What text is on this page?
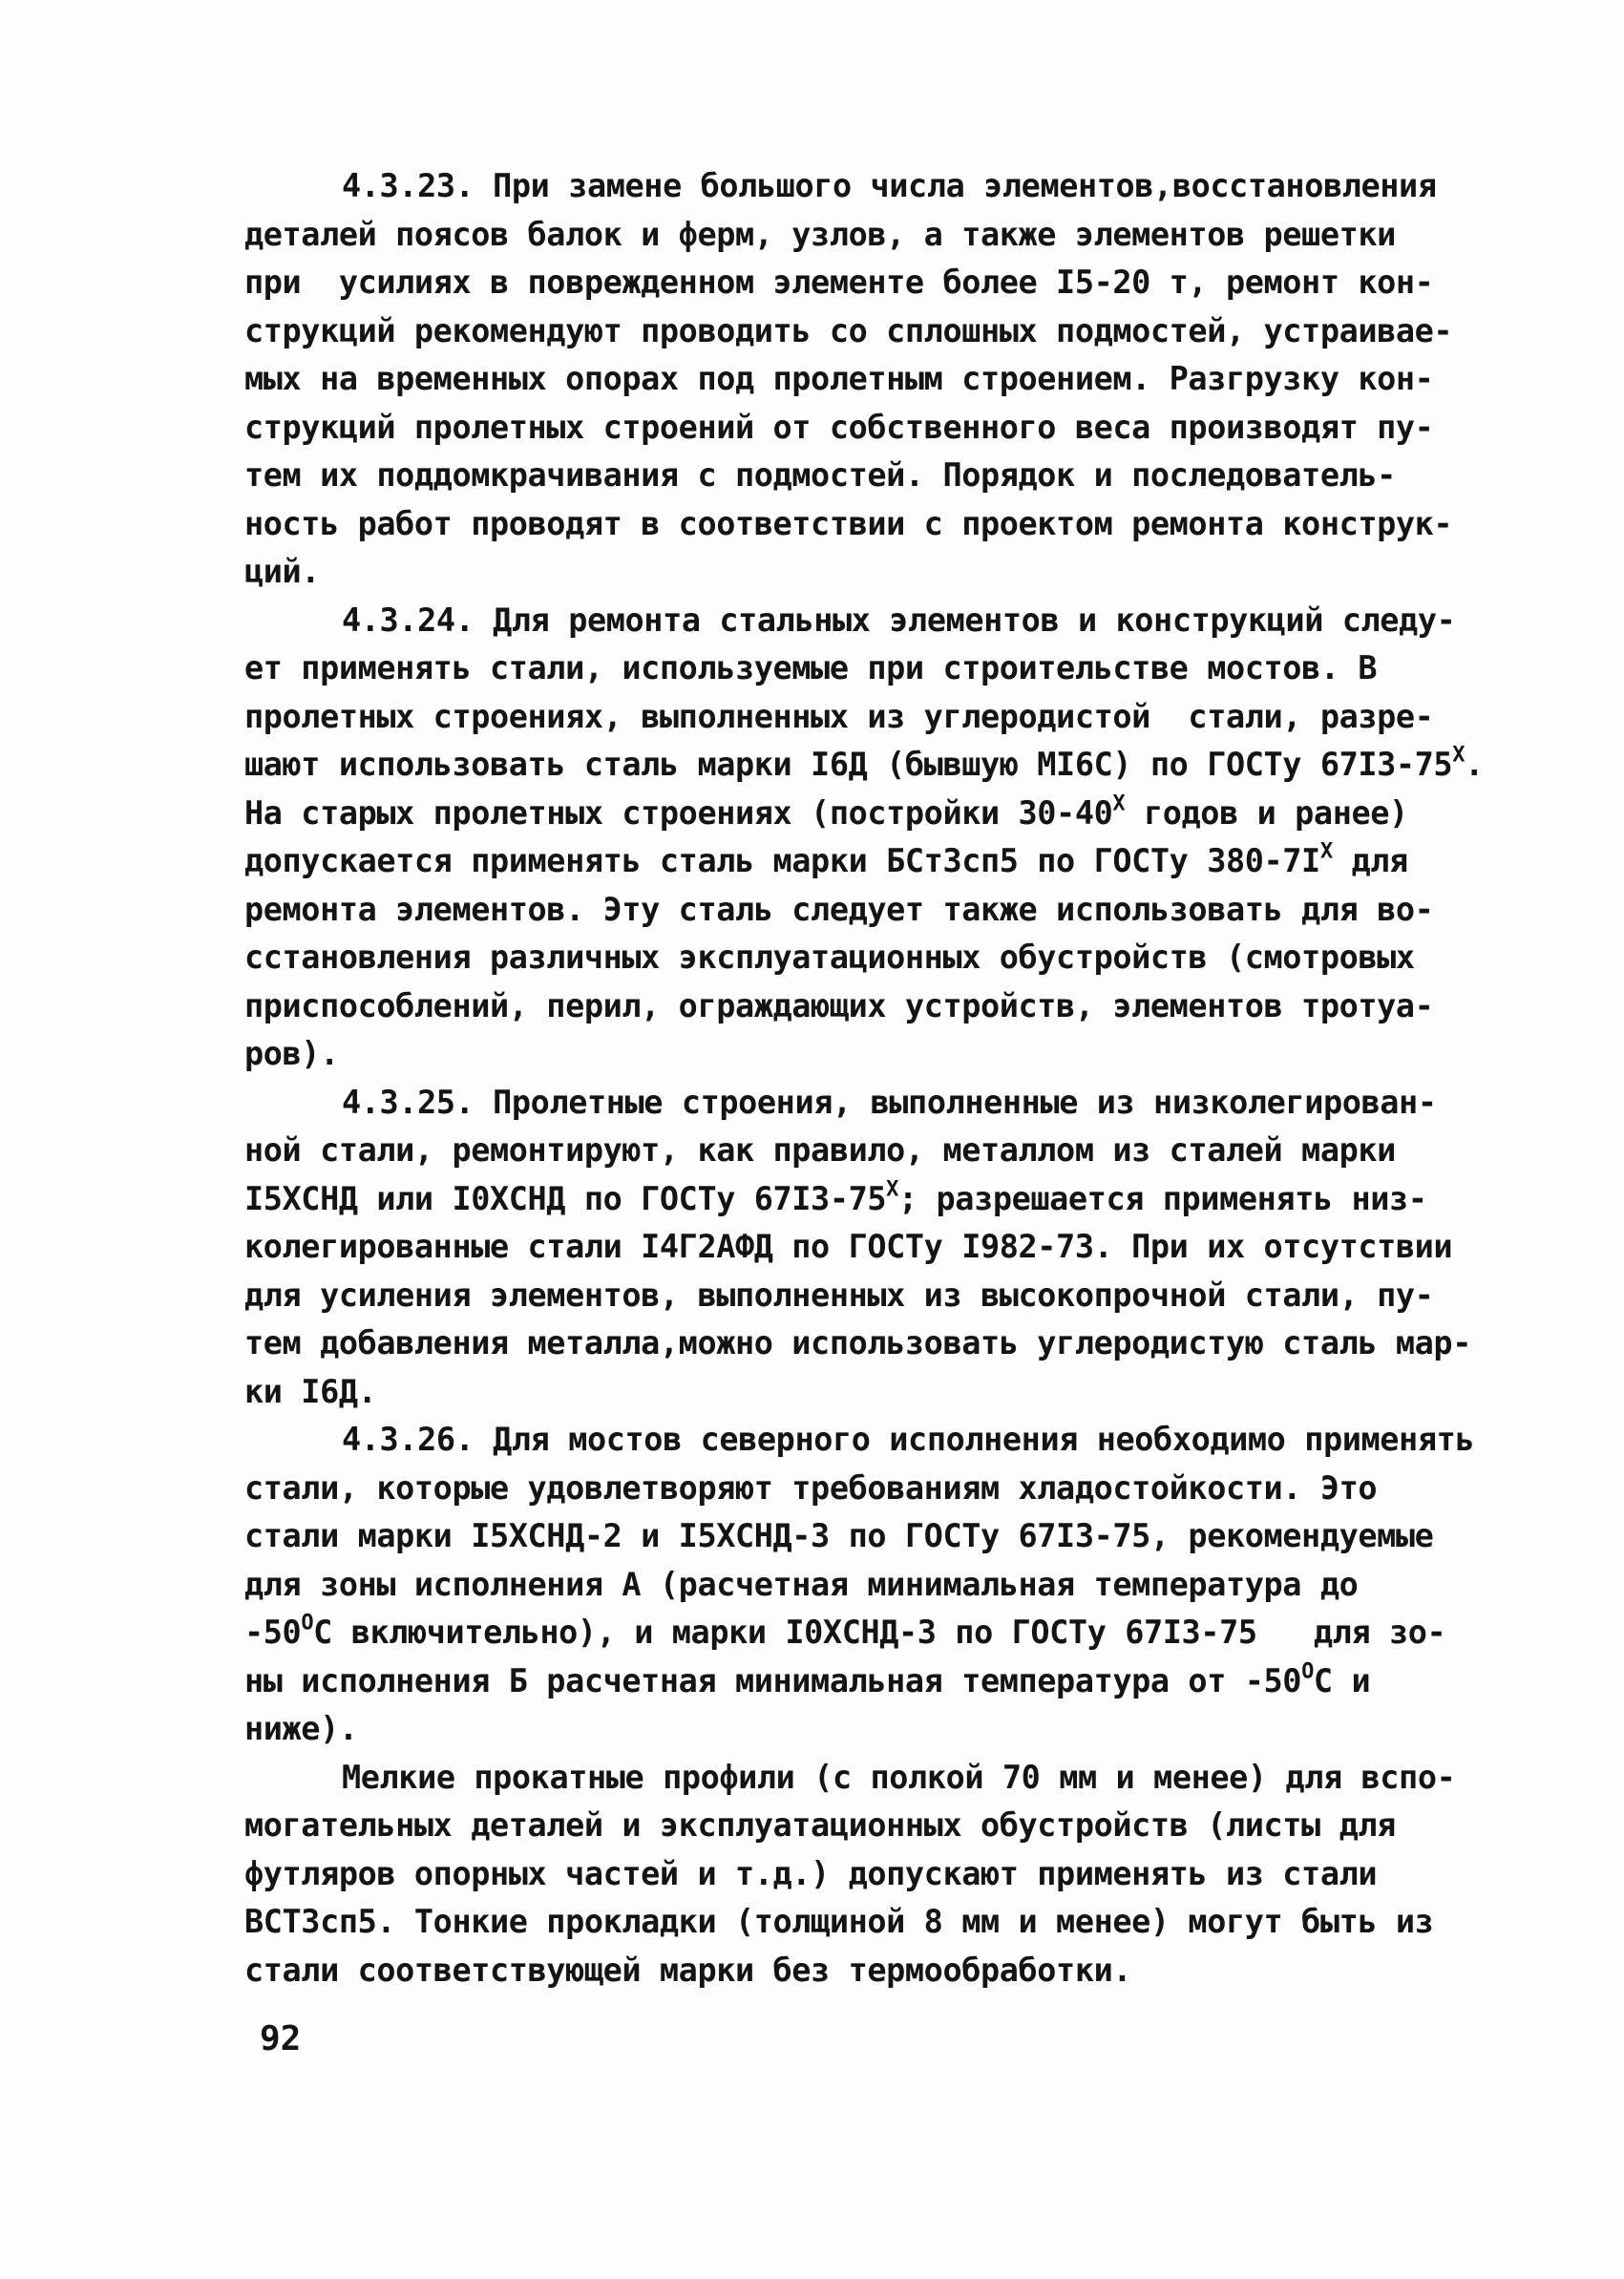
4.3.23. При замене большого числа элементов,восстановления
деталей поясов балок и ферм, узлов, а также элементов решетки
при  усилиях в поврежденном элементе более I5-20 т, ремонт кон-
струкций рекомендуют проводить со сплошных подмостей, устраивае-
мых на временных опорах под пролетным строением. Разгрузку кон-
струкций пролетных строений от собственного веса производят пу-
тем их поддомкрачивания с подмостей. Порядок и последователь-
ность работ проводят в соответствии с проектом ремонта конструк-
ций.
4.3.24. Для ремонта стальных элементов и конструкций следу-
ет применять стали, используемые при строительстве мостов. В
пролетных строениях, выполненных из углеродистой  стали, разре-
шают использовать сталь марки I6Д (бывшую МI6С) по ГОСТу $67I3-75^X$.
На старых пролетных строениях (постройки $30-40^X$ годов и ранее)
допускается применять сталь марки БСт3сп5 по ГОСТу $380-7I^X$ для
ремонта элементов. Эту сталь следует также использовать для во-
сстановления различных эксплуатационных обустройств (смотровых
приспособлений, перил, ограждающих устройств, элементов тротуа-
ров).
4.3.25. Пролетные строения, выполненные из низколегирован-
ной стали, ремонтируют, как правило, металлом из сталей марки
I5ХСНД или I0ХСНД по ГОСТу $67I3-75^X$; разрешается применять низ-
колегированные стали I4Г2АФД по ГОСТу I982-73. При их отсутствии
для усиления элементов, выполненных из высокопрочной стали, пу-
тем добавления металла,можно использовать углеродистую сталь мар-
ки I6Д.
4.3.26. Для мостов северного исполнения необходимо применять
стали, которые удовлетворяют требованиям хладостойкости. Это
стали марки I5ХСНД-2 и I5ХСНД-3 по ГОСТу 67I3-75, рекомендуемые
для зоны исполнения А (расчетная минимальная температура до
$-50^ОС$ включительно), и марки I0ХСНД-3 по ГОСТу 67I3-75   для зо-
ны исполнения Б расчетная минимальная температура от $-50^ОС$ и
ниже).
Мелкие прокатные профили (с полкой 70 мм и менее) для вспо-
могательных деталей и эксплуатационных обустройств (листы для
футляров опорных частей и т.д.) допускают применять из стали
ВСТ3сп5. Тонкие прокладки (толщиной 8 мм и менее) могут быть из
стали соответствующей марки без термообработки.
92
